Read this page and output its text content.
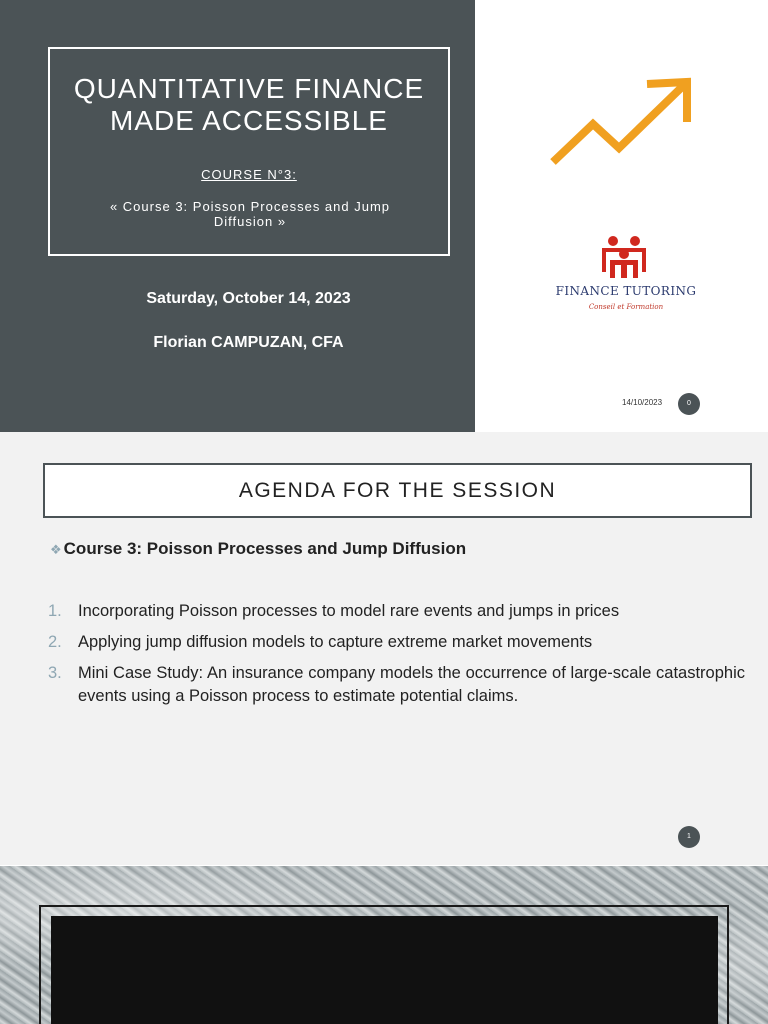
QUANTITATIVE FINANCE
MADE ACCESSIBLE
COURSE N°3:
« Course 3: Poisson Processes and Jump Diffusion »
Saturday, October 14, 2023
Florian CAMPUZAN, CFA
FINANCE TUTORING
Conseil et Formation
14/10/2023	0
AGENDA FOR THE SESSION
❖ Course 3: Poisson Processes and Jump Diffusion
1. Incorporating Poisson processes to model rare events and jumps in prices
2. Applying jump diffusion models to capture extreme market movements
3. Mini Case Study: An insurance company models the occurrence of large-scale catastrophic events using a Poisson process to estimate potential claims.
1
